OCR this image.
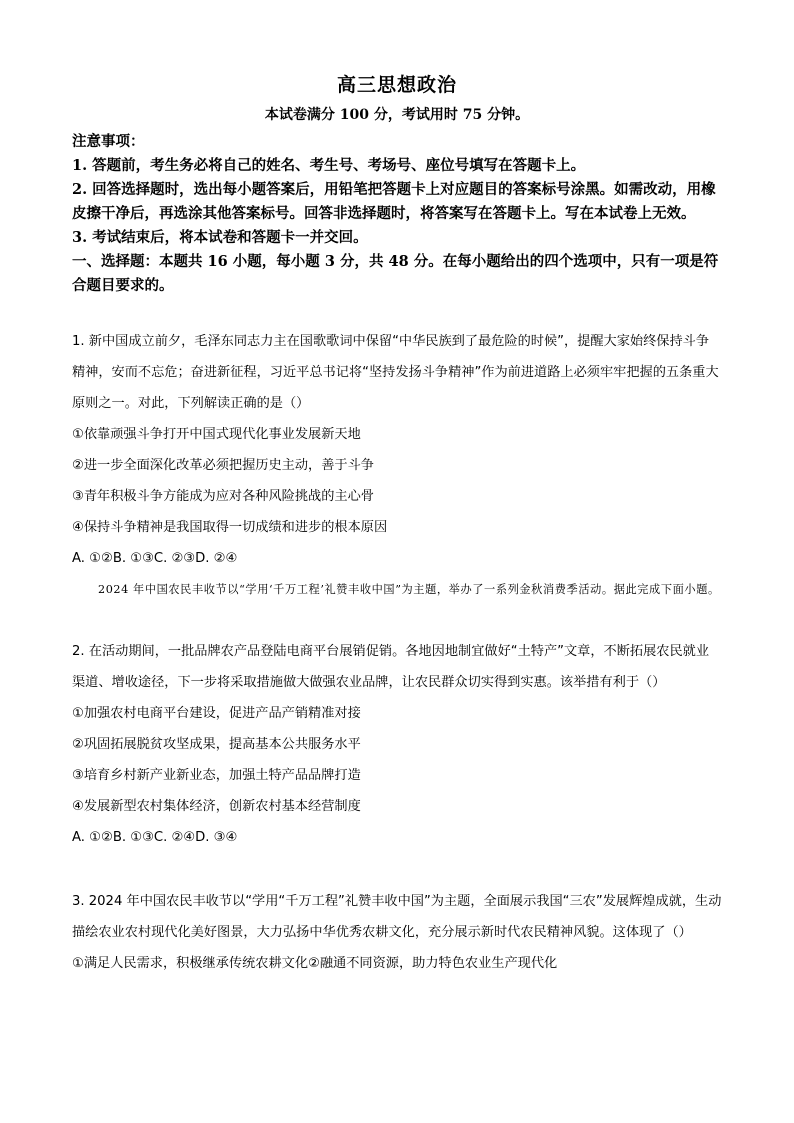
高三思想政治
本试卷满分 100 分，考试用时 75 分钟。

注意事项：

1. 答题前，考生务必将自己的姓名、考生号、考场号、座位号填写在答题卡上。

2. 回答选择题时，选出每小题答案后，用铅笔把答题卡上对应题目的答案标号涂黑。如需改动，用橡皮擦干净后，再选涂其他答案标号。回答非选择题时，将答案写在答题卡上。写在本试卷上无效。

3. 考试结束后，将本试卷和答题卡一并交回。

一、选择题：本题共 16 小题，每小题 3 分，共 48 分。在每小题给出的四个选项中，只有一项是符合题目要求的。

1. 新中国成立前夕，毛泽东同志力主在国歌歌词中保留“中华民族到了最危险的时候”，提醒大家始终保持斗争精神，安而不忘危；奋进新征程，习近平总书记将“坚持发扬斗争精神”作为前进道路上必须牢牢把握的五条重大原则之一。对此，下列解读正确的是（）

①依靠顽强斗争打开中国式现代化事业发展新天地

②进一步全面深化改革必须把握历史主动，善于斗争

③青年积极斗争方能成为应对各种风险挑战的主心骨

④保持斗争精神是我国取得一切成绩和进步的根本原因

A. ①②B. ①③C. ②③D. ②④

2024 年中国农民丰收节以“学用‘千万工程’礼赞丰收中国”为主题，举办了一系列金秋消费季活动。据此完成下面小题。

2. 在活动期间，一批品牌农产品登陆电商平台展销促销。各地因地制宜做好“土特产”文章，不断拓展农民就业渠道、增收途径，下一步将采取措施做大做强农业品牌，让农民群众切实得到实惠。该举措有利于（）

①加强农村电商平台建设，促进产品产销精准对接

②巩固拓展脱贫攻坚成果，提高基本公共服务水平

③培育乡村新产业新业态，加强土特产品品牌打造

④发展新型农村集体经济，创新农村基本经营制度

A. ①②B. ①③C. ②④D. ③④

3. 2024 年中国农民丰收节以“学用“千万工程”礼赞丰收中国”为主题，全面展示我国“三农”发展辉煌成就，生动描绘农业农村现代化美好图景，大力弘扬中华优秀农耕文化，充分展示新时代农民精神风貌。这体现了（）

①满足人民需求，积极继承传统农耕文化②融通不同资源，助力特色农业生产现代化
